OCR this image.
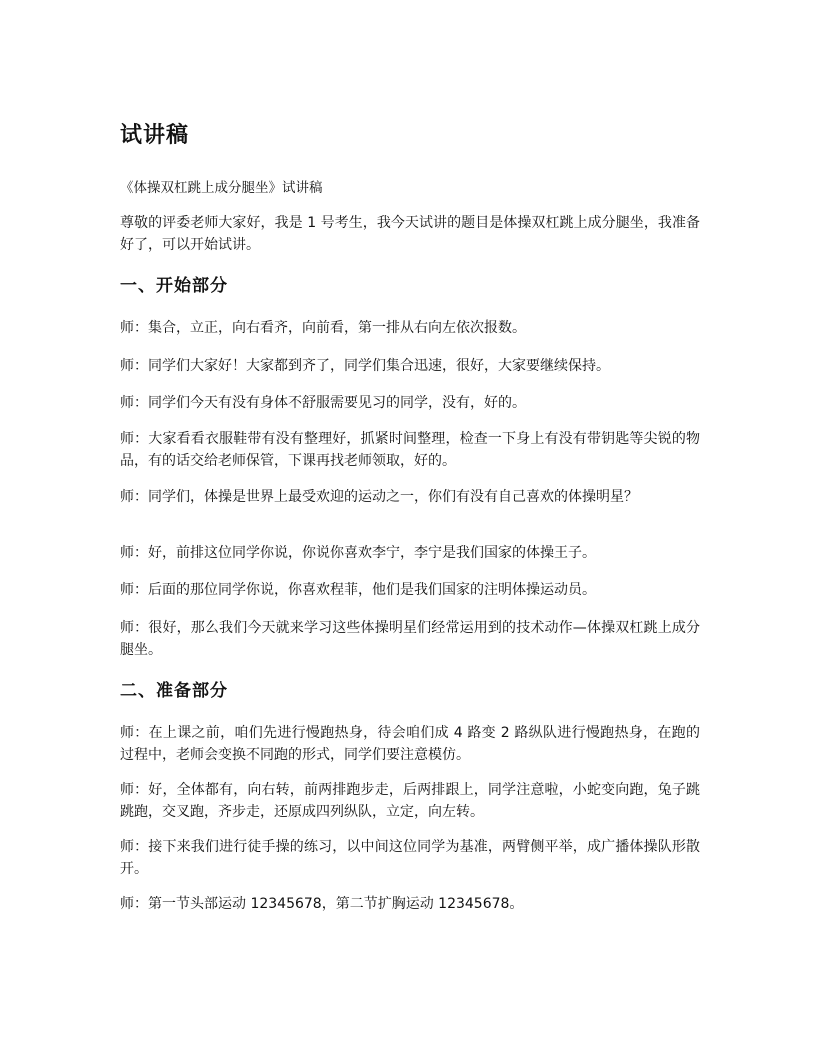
试讲稿

《体操双杠跳上成分腿坐》试讲稿

尊敬的评委老师大家好，我是 1 号考生，我今天试讲的题目是体操双杠跳上成分腿坐，我准备好了，可以开始试讲。

一、开始部分

师：集合，立正，向右看齐，向前看，第一排从右向左依次报数。

师：同学们大家好！大家都到齐了，同学们集合迅速，很好，大家要继续保持。

师：同学们今天有没有身体不舒服需要见习的同学，没有，好的。

师：大家看看衣服鞋带有没有整理好，抓紧时间整理，检查一下身上有没有带钥匙等尖锐的物品，有的话交给老师保管，下课再找老师领取，好的。

师：同学们，体操是世界上最受欢迎的运动之一，你们有没有自己喜欢的体操明星？

师：好，前排这位同学你说，你说你喜欢李宁，李宁是我们国家的体操王子。

师：后面的那位同学你说，你喜欢程菲，他们是我们国家的注明体操运动员。

师：很好，那么我们今天就来学习这些体操明星们经常运用到的技术动作—体操双杠跳上成分腿坐。

二、准备部分

师：在上课之前，咱们先进行慢跑热身，待会咱们成 4 路变 2 路纵队进行慢跑热身，在跑的过程中，老师会变换不同跑的形式，同学们要注意模仿。

师：好，全体都有，向右转，前两排跑步走，后两排跟上，同学注意啦，小蛇变向跑，兔子跳跳跑，交叉跑，齐步走，还原成四列纵队，立定，向左转。

师：接下来我们进行徒手操的练习，以中间这位同学为基准，两臂侧平举，成广播体操队形散开。

师：第一节头部运动 12345678，第二节扩胸运动 12345678。
